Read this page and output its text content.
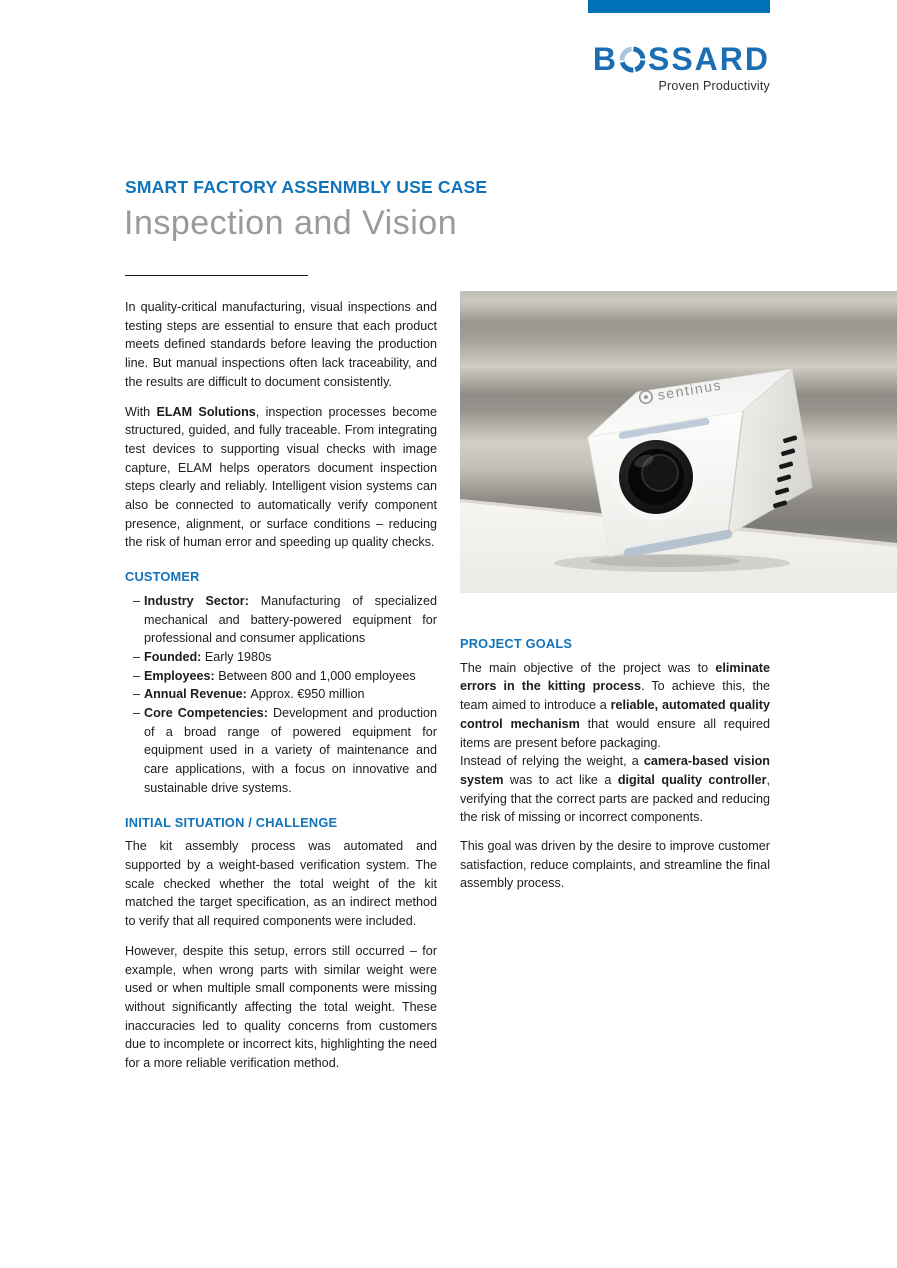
B SSARD
Proven Productivity
SMART FACTORY ASSENMBLY USE CASE
Inspection and Vision

In quality-critical manufacturing, visual inspections and testing steps are essential to ensure that each product meets defined standards before leaving the production line. But manual inspections often lack traceability, and the results are difficult to document consistently.

With ELAM Solutions, inspection processes become structured, guided, and fully traceable. From integrating test devices to supporting visual checks with image capture, ELAM helps operators document inspection steps clearly and reliably. Intelligent vision systems can also be connected to automatically verify component presence, alignment, or surface conditions – reducing the risk of human error and speeding up quality checks.

CUSTOMER
– Industry Sector: Manufacturing of specialized mechanical and battery-powered equipment for professional and consumer applications
– Founded: Early 1980s
– Employees: Between 800 and 1,000 employees
– Annual Revenue: Approx. €950 million
– Core Competencies: Development and production of a broad range of powered equipment for equipment used in a variety of maintenance and care applications, with a focus on innovative and sustainable drive systems.
INITIAL SITUATION / CHALLENGE

The kit assembly process was automated and supported by a weight-based verification system. The scale checked whether the total weight of the kit matched the target specification, as an indirect method to verify that all required components were included.

However, despite this setup, errors still occurred – for example, when wrong parts with similar weight were used or when multiple small components were missing without significantly affecting the total weight. These inaccuracies led to quality concerns from customers due to incomplete or incorrect kits, highlighting the need for a more reliable verification method.

sentinus
PROJECT GOALS

The main objective of the project was to eliminate errors in the kitting process. To achieve this, the team aimed to introduce a reliable, automated quality control mechanism that would ensure all required items are present before packaging.

Instead of relying the weight, a camera-based vision system was to act like a digital quality controller, verifying that the correct parts are packed and reducing the risk of missing or incorrect components.

This goal was driven by the desire to improve customer satisfaction, reduce complaints, and streamline the final assembly process.
